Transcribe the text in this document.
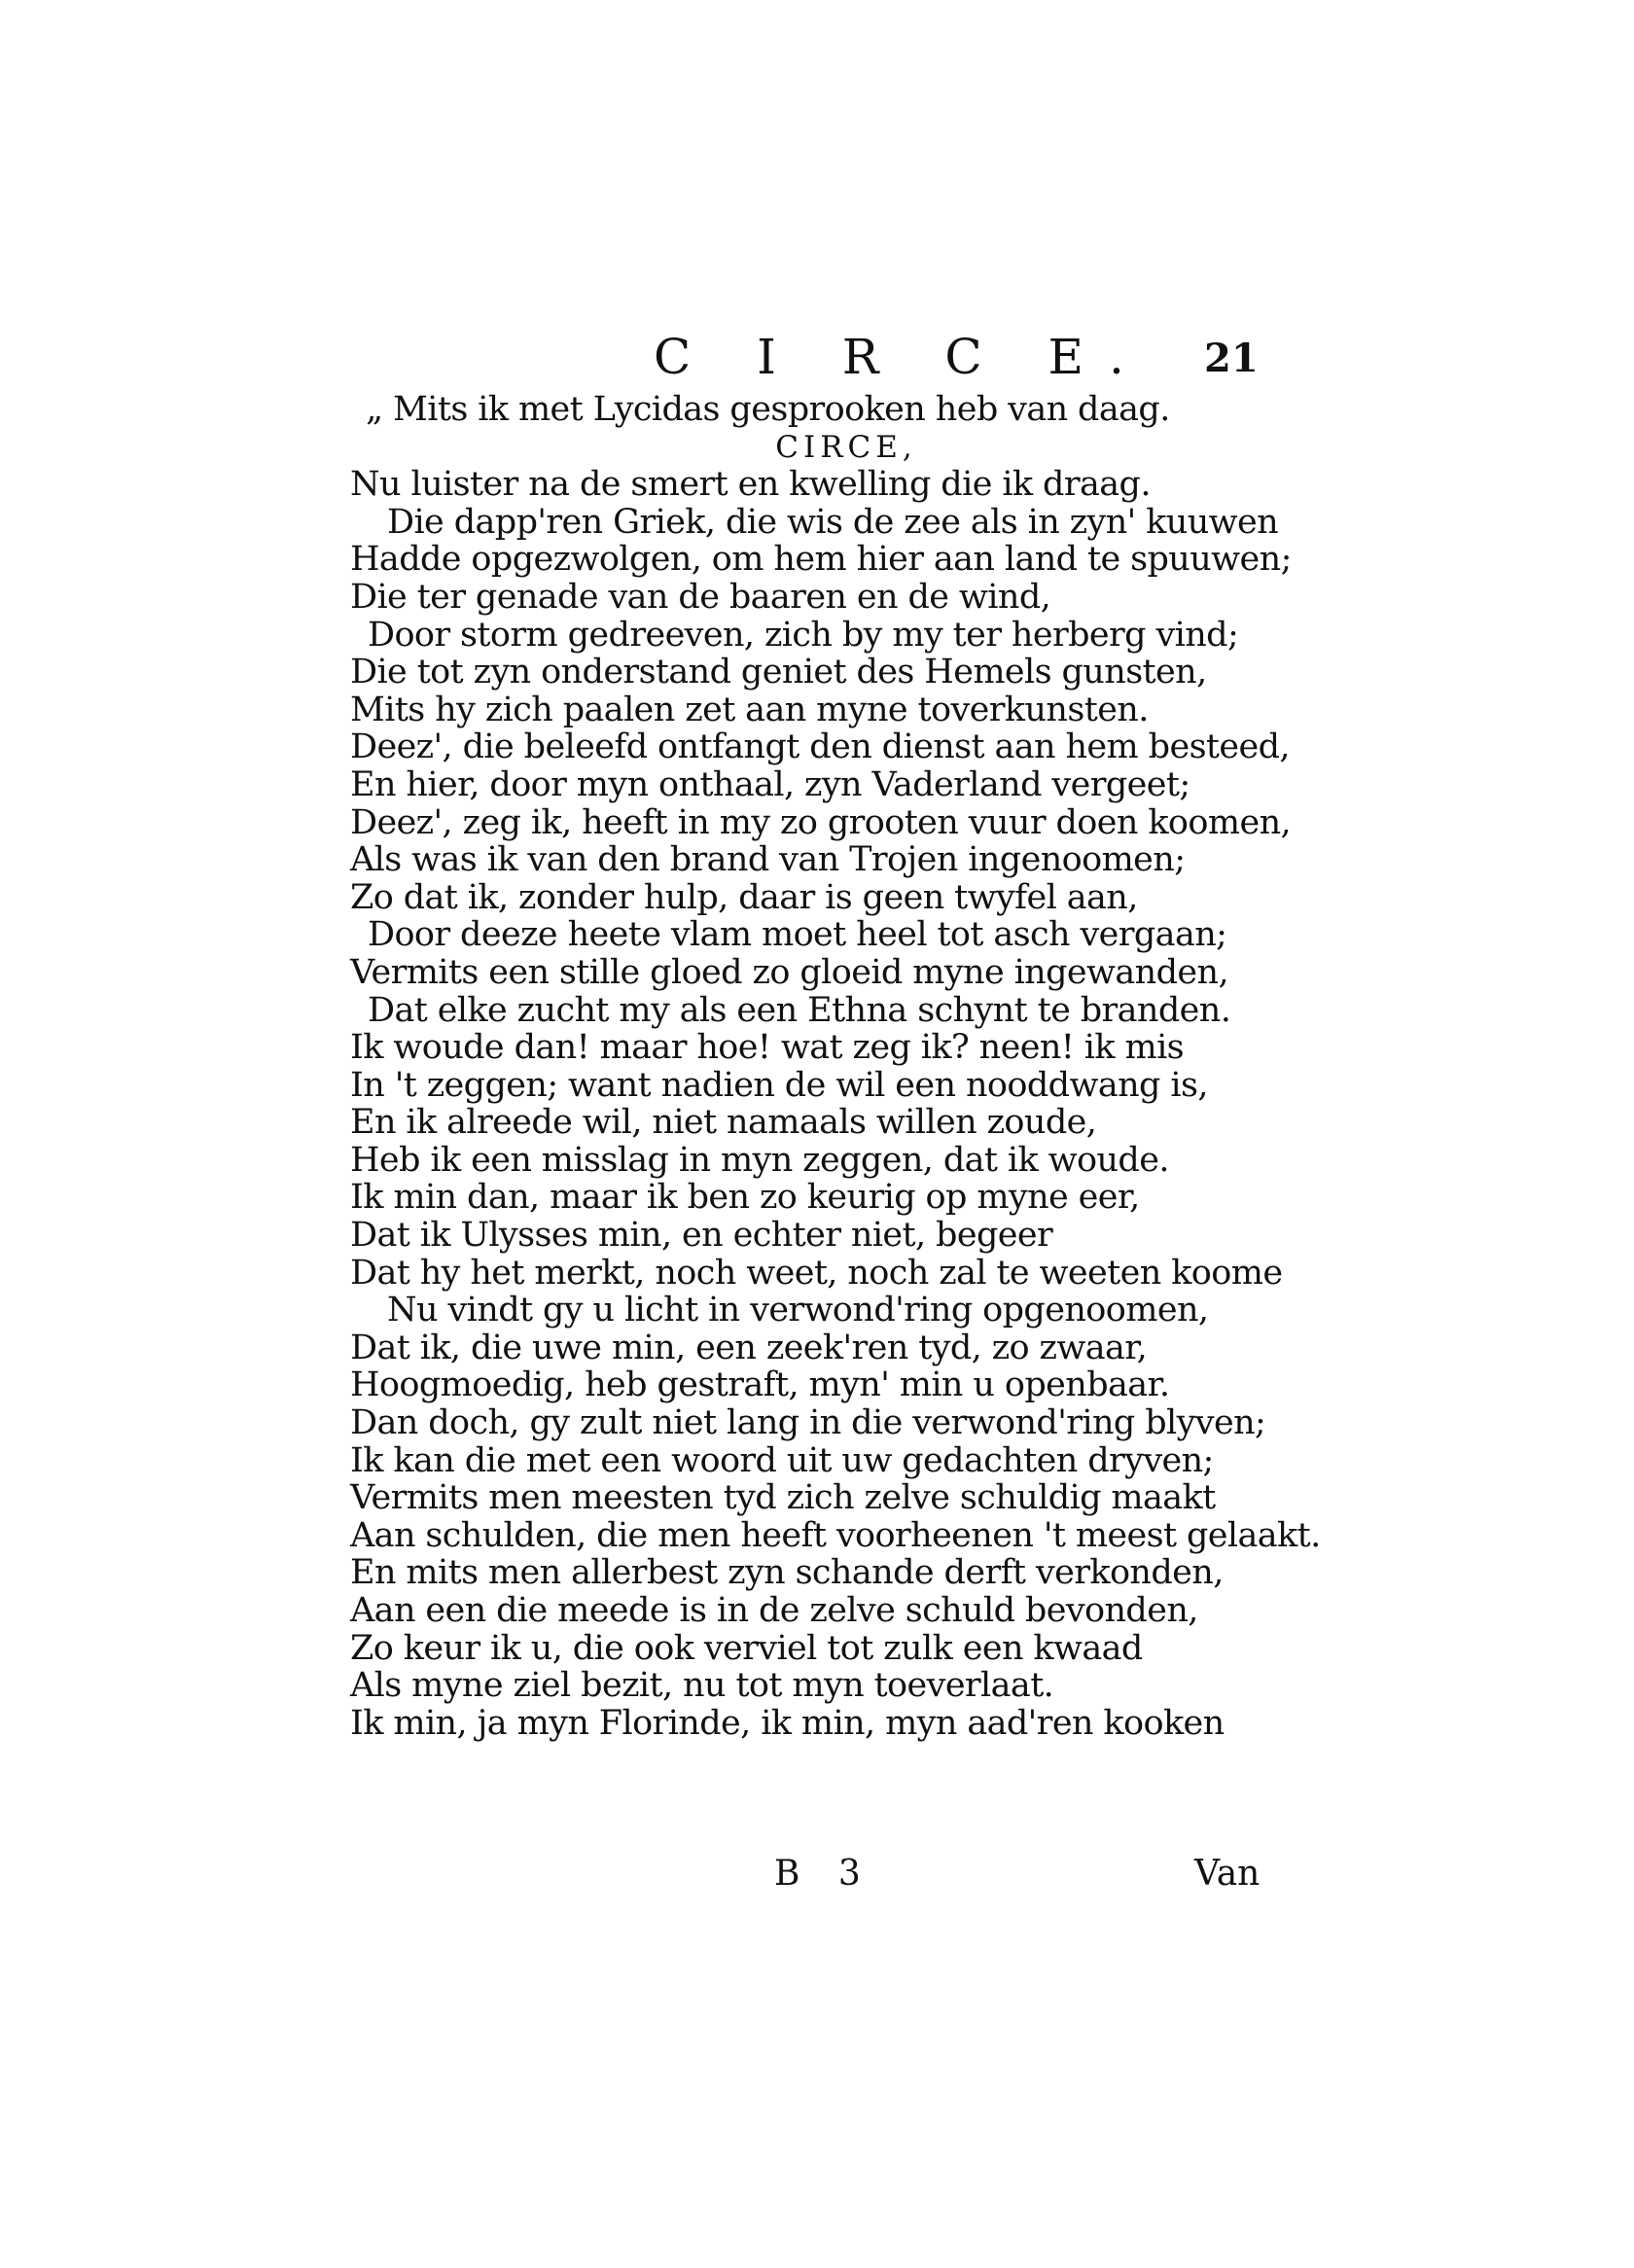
C I R C E. 21
„ Mits ik met Lycidas gesprooken heb van daag.
CIRCE,
Nu luister na de smert en kwelling die ik draag.
Die dapp'ren Griek, die wis de zee als in zyn' kuuwen
Hadde opgezwolgen, om hem hier aan land te spuuwen;
Die ter genade van de baaren en de wind,
Door storm gedreeven, zich by my ter herberg vind;
Die tot zyn onderstand geniet des Hemels gunsten,
Mits hy zich paalen zet aan myne toverkunsten.
Deez', die beleefd ontfangt den dienst aan hem besteed,
En hier, door myn onthaal, zyn Vaderland vergeet;
Deez', zeg ik, heeft in my zo grooten vuur doen koomen,
Als was ik van den brand van Trojen ingenoomen;
Zo dat ik, zonder hulp, daar is geen twyfel aan,
Door deeze heete vlam moet heel tot asch vergaan;
Vermits een stille gloed zo gloeid myne ingewanden,
Dat elke zucht my als een Ethna schynt te branden.
Ik woude dan! maar hoe! wat zeg ik? neen! ik mis
In 't zeggen; want nadien de wil een nooddwang is,
En ik alreede wil, niet namaals willen zoude,
Heb ik een misslag in myn zeggen, dat ik woude.
Ik min dan, maar ik ben zo keurig op myne eer,
Dat ik Ulysses min, en echter niet, begeer
Dat hy het merkt, noch weet, noch zal te weeten koome
Nu vindt gy u licht in verwond'ring opgenoomen,
Dat ik, die uwe min, een zeek'ren tyd, zo zwaar,
Hoogmoedig, heb gestraft, myn' min u openbaar.
Dan doch, gy zult niet lang in die verwond'ring blyven;
Ik kan die met een woord uit uw gedachten dryven;
Vermits men meesten tyd zich zelve schuldig maakt
Aan schulden, die men heeft voorheenen 't meest gelaakt.
En mits men allerbest zyn schande derft verkonden,
Aan een die meede is in de zelve schuld bevonden,
Zo keur ik u, die ook verviel tot zulk een kwaad
Als myne ziel bezit, nu tot myn toeverlaat.
Ik min, ja myn Florinde, ik min, myn aad'ren kooken
B 3	Van
